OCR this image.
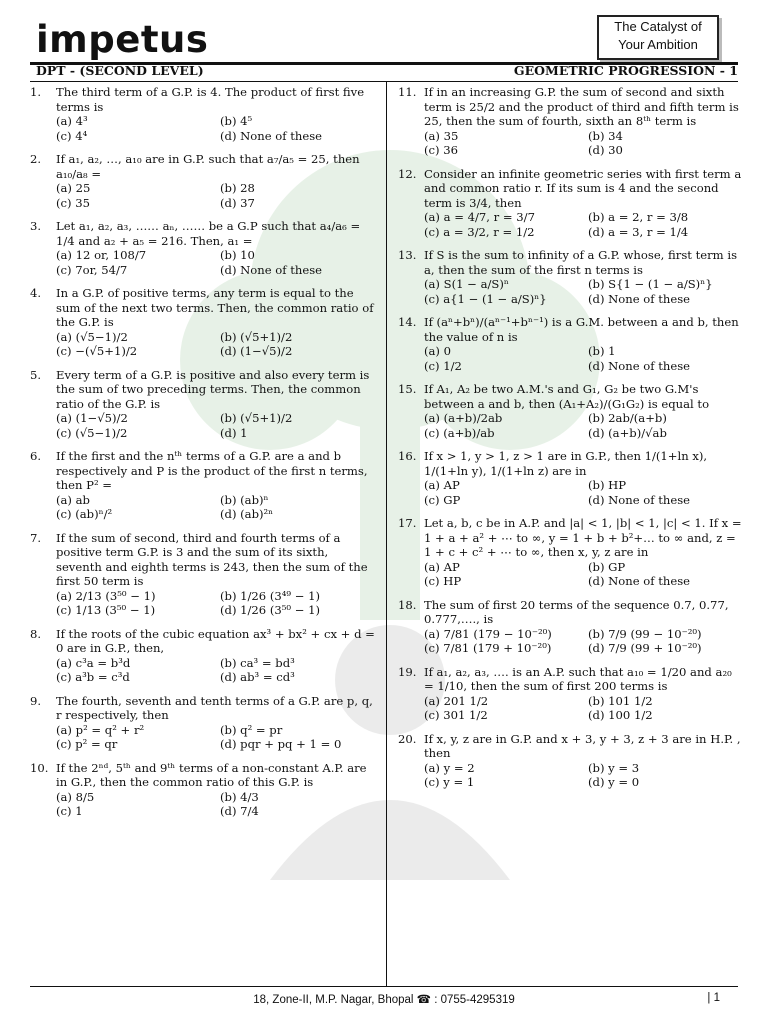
impetus	The Catalyst of
Your Ambition
DPT - (SECOND LEVEL)	GEOMETRIC PROGRESSION - 1
1. The third term of a G.P. is 4. The product of first five terms is
(a) 4³	(b) 4⁵
(c) 4⁴	(d) None of these
2. If a₁, a₂, …, a₁₀ are in G.P. such that a₇/a₅ = 25, then a₁₀/a₈ =
(a) 25	(b) 28
(c) 35	(d) 37
3. Let a₁, a₂, a₃, …… aₙ, …… be a G.P such that a₄/a₆ = 1/4 and a₂ + a₅ = 216. Then, a₁ =
(a) 12 or, 108/7	(b) 10
(c) 7or, 54/7	(d) None of these
4. In a G.P. of positive terms, any term is equal to the sum of the next two terms. Then, the common ratio of the G.P. is
(a) (√5−1)/2	(b) (√5+1)/2
(c) −(√5+1)/2	(d) (1−√5)/2
5. Every term of a G.P. is positive and also every term is the sum of two preceding terms. Then, the common ratio of the G.P. is
(a) (1−√5)/2	(b) (√5+1)/2
(c) (√5−1)/2	(d) 1
6. If the first and the nᵗʰ terms of a G.P. are a and b respectively and P is the product of the first n terms, then P² =
(a) ab	(b) (ab)ⁿ
(c) (ab)ⁿ/²	(d) (ab)²ⁿ
7. If the sum of second, third and fourth terms of a positive term G.P. is 3 and the sum of its sixth, seventh and eighth terms is 243, then the sum of the first 50 term is
(a) 2/13 (3⁵⁰ − 1)	(b) 1/26 (3⁴⁹ − 1)
(c) 1/13 (3⁵⁰ − 1)	(d) 1/26 (3⁵⁰ − 1)
8. If the roots of the cubic equation ax³ + bx² + cx + d = 0 are in G.P., then,
(a) c³a = b³d	(b) ca³ = bd³
(c) a³b = c³d	(d) ab³ = cd³
9. The fourth, seventh and tenth terms of a G.P. are p, q, r respectively, then
(a) p² = q² + r²	(b) q² = pr
(c) p² = qr	(d) pqr + pq + 1 = 0
10. If the 2ⁿᵈ, 5ᵗʰ and 9ᵗʰ terms of a non-constant A.P. are in G.P., then the common ratio of this G.P. is
(a) 8/5	(b) 4/3
(c) 1	(d) 7/4
11. If in an increasing G.P. the sum of second and sixth term is 25/2 and the product of third and fifth term is 25, then the sum of fourth, sixth an 8ᵗʰ term is
(a) 35	(b) 34
(c) 36	(d) 30
12. Consider an infinite geometric series with first term a and common ratio r. If its sum is 4 and the second term is 3/4, then
(a) a = 4/7, r = 3/7	(b) a = 2, r = 3/8
(c) a = 3/2, r = 1/2	(d) a = 3, r = 1/4
13. If S is the sum to infinity of a G.P. whose, first term is a, then the sum of the first n terms is
(a) S(1 − a/S)ⁿ	(b) S{1 − (1 − a/S)ⁿ}
(c) a{1 − (1 − a/S)ⁿ}	(d) None of these
14. If (aⁿ+bⁿ)/(aⁿ⁻¹+bⁿ⁻¹) is a G.M. between a and b, then the value of n is
(a) 0	(b) 1
(c) 1/2	(d) None of these
15. If A₁, A₂ be two A.M.'s and G₁, G₂ be two G.M's between a and b, then (A₁+A₂)/(G₁G₂) is equal to
(a) (a+b)/2ab	(b) 2ab/(a+b)
(c) (a+b)/ab	(d) (a+b)/√ab
16. If x > 1, y > 1, z > 1 are in G.P., then 1/(1+ln x), 1/(1+ln y), 1/(1+ln z) are in
(a) AP	(b) HP
(c) GP	(d) None of these
17. Let a, b, c be in A.P. and |a| < 1, |b| < 1, |c| < 1. If x = 1 + a + a² + ⋯ to ∞, y = 1 + b + b²+… to ∞ and, z = 1 + c + c² + ⋯ to ∞, then x, y, z are in
(a) AP	(b) GP
(c) HP	(d) None of these
18. The sum of first 20 terms of the sequence 0.7, 0.77, 0.777,…., is
(a) 7/81 (179 − 10⁻²⁰)	(b) 7/9 (99 − 10⁻²⁰)
(c) 7/81 (179 + 10⁻²⁰)	(d) 7/9 (99 + 10⁻²⁰)
19. If a₁, a₂, a₃, …. is an A.P. such that a₁₀ = 1/20 and a₂₀ = 1/10, then the sum of first 200 terms is
(a) 201 1/2	(b) 101 1/2
(c) 301 1/2	(d) 100 1/2
20. If x, y, z are in G.P. and x + 3, y + 3, z + 3 are in H.P. , then
(a) y = 2	(b) y = 3
(c) y = 1	(d) y = 0
18, Zone-II, M.P. Nagar, Bhopal ☎ : 0755-4295319	| 1
